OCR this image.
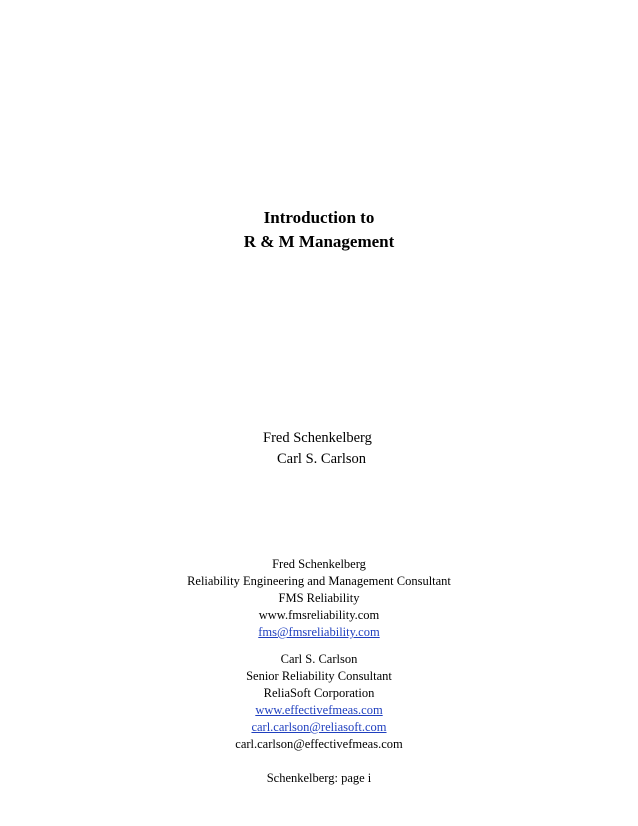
Introduction to
R & M Management
Fred Schenkelberg
Carl S. Carlson
Fred Schenkelberg
Reliability Engineering and Management Consultant
FMS Reliability
www.fmsreliability.com
fms@fmsreliability.com
Carl S. Carlson
Senior Reliability Consultant
ReliaSoft Corporation
www.effectivefmeas.com
carl.carlson@reliasoft.com
carl.carlson@effectivefmeas.com
Schenkelberg: page i
